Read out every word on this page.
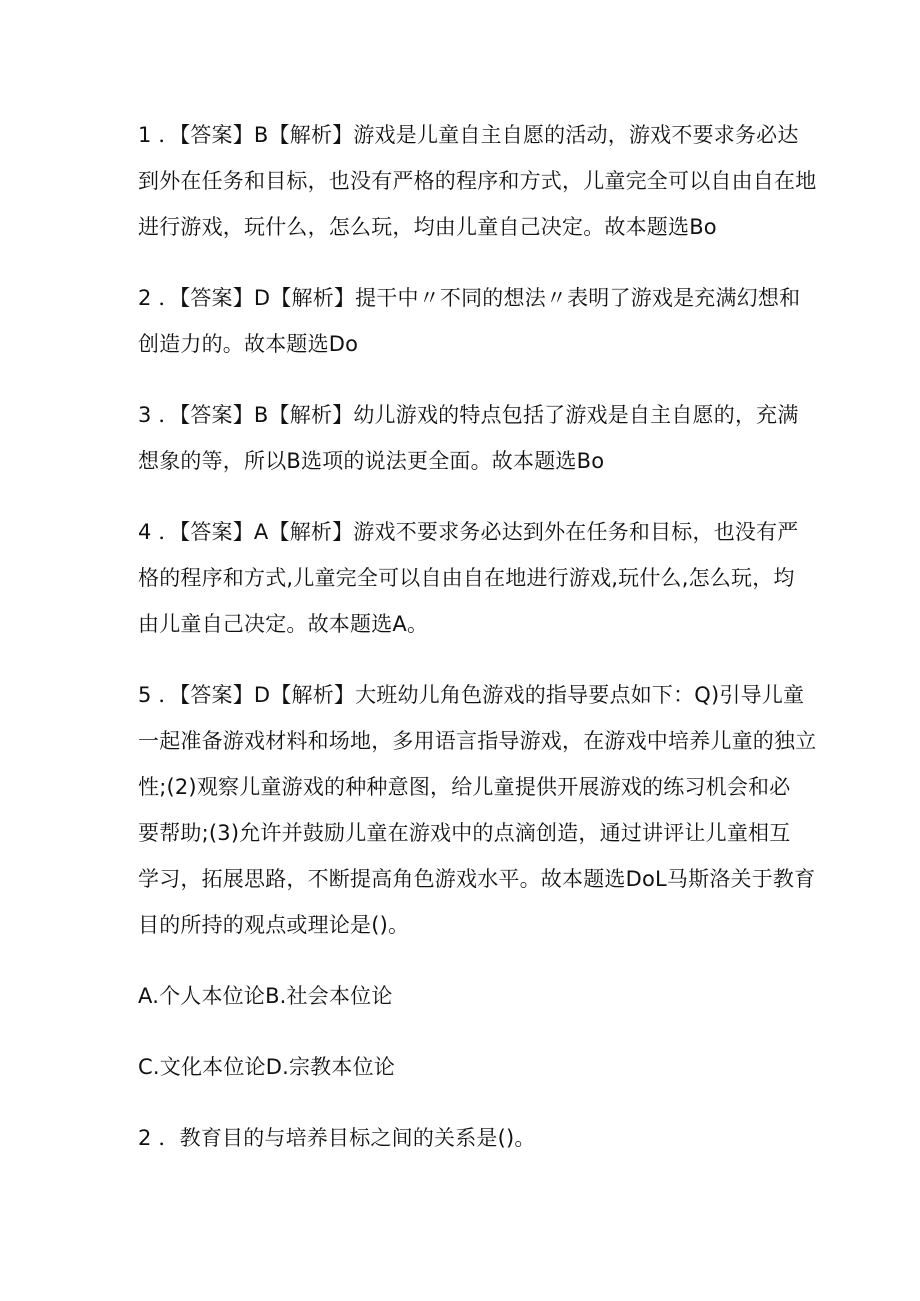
1 ．【答案】B【解析】游戏是儿童自主自愿的活动，游戏不要求务必达
到外在任务和目标，也没有严格的程序和方式，儿童完全可以自由自在地
进行游戏，玩什么，怎么玩，均由儿童自己决定。故本题选Bo

2 ．【答案】D【解析】提干中〃不同的想法〃表明了游戏是充满幻想和
创造力的。故本题选Do

3 ．【答案】B【解析】幼儿游戏的特点包括了游戏是自主自愿的，充满
想象的等，所以B选项的说法更全面。故本题选Bo

4 ．【答案】A【解析】游戏不要求务必达到外在任务和目标，也没有严
格的程序和方式,儿童完全可以自由自在地进行游戏,玩什么,怎么玩，均
由儿童自己决定。故本题选A。

5 ．【答案】D【解析】大班幼儿角色游戏的指导要点如下：Q)引导儿童
一起准备游戏材料和场地，多用语言指导游戏，在游戏中培养儿童的独立
性;(2)观察儿童游戏的种种意图，给儿童提供开展游戏的练习机会和必
要帮助;(3)允许并鼓励儿童在游戏中的点滴创造，通过讲评让儿童相互
学习，拓展思路，不断提高角色游戏水平。故本题选DoL马斯洛关于教育
目的所持的观点或理论是()。

A.个人本位论B.社会本位论

C.文化本位论D.宗教本位论

2 ．教育目的与培养目标之间的关系是()。
